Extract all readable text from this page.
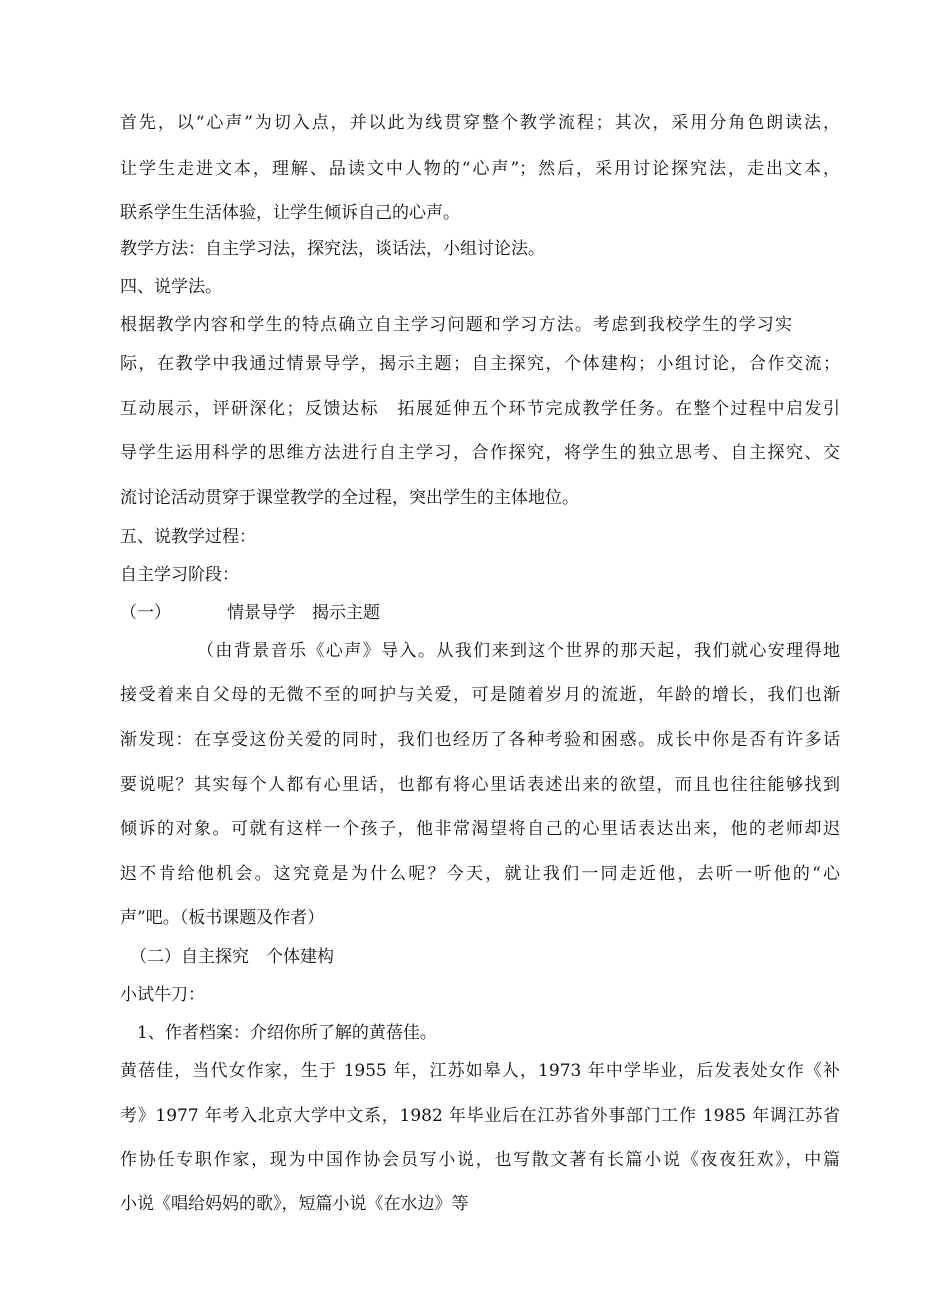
首先，以“心声”为切入点，并以此为线贯穿整个教学流程；其次，采用分角色朗读法，

让学生走进文本，理解、品读文中人物的“心声”；然后，采用讨论探究法，走出文本，

联系学生生活体验，让学生倾诉自己的心声。

教学方法：自主学习法，探究法，谈话法，小组讨论法。

四、说学法。

根据教学内容和学生的特点确立自主学习问题和学习方法。考虑到我校学生的学习实

际，在教学中我通过情景导学，揭示主题；自主探究，个体建构；小组讨论，合作交流；

互动展示，评研深化；反馈达标　拓展延伸五个环节完成教学任务。在整个过程中启发引

导学生运用科学的思维方法进行自主学习，合作探究，将学生的独立思考、自主探究、交

流讨论活动贯穿于课堂教学的全过程，突出学生的主体地位。

五、说教学过程：

自主学习阶段：

（一）	情景导学　揭示主题

（由背景音乐《心声》导入。从我们来到这个世界的那天起，我们就心安理得地

接受着来自父母的无微不至的呵护与关爱，可是随着岁月的流逝，年龄的增长，我们也渐

渐发现：在享受这份关爱的同时，我们也经历了各种考验和困惑。成长中你是否有许多话

要说呢？其实每个人都有心里话，也都有将心里话表述出来的欲望，而且也往往能够找到

倾诉的对象。可就有这样一个孩子，他非常渴望将自己的心里话表达出来，他的老师却迟

迟不肯给他机会。这究竟是为什么呢？今天，就让我们一同走近他，去听一听他的“心

声”吧。（板书课题及作者）

（二）自主探究　个体建构

小试牛刀：

1、作者档案：介绍你所了解的黄蓓佳。

黄蓓佳，当代女作家，生于 1955 年，江苏如皋人，1973 年中学毕业，后发表处女作《补

考》1977 年考入北京大学中文系，1982 年毕业后在江苏省外事部门工作 1985 年调江苏省

作协任专职作家，现为中国作协会员写小说，也写散文著有长篇小说《夜夜狂欢》，中篇

小说《唱给妈妈的歌》，短篇小说《在水边》等
